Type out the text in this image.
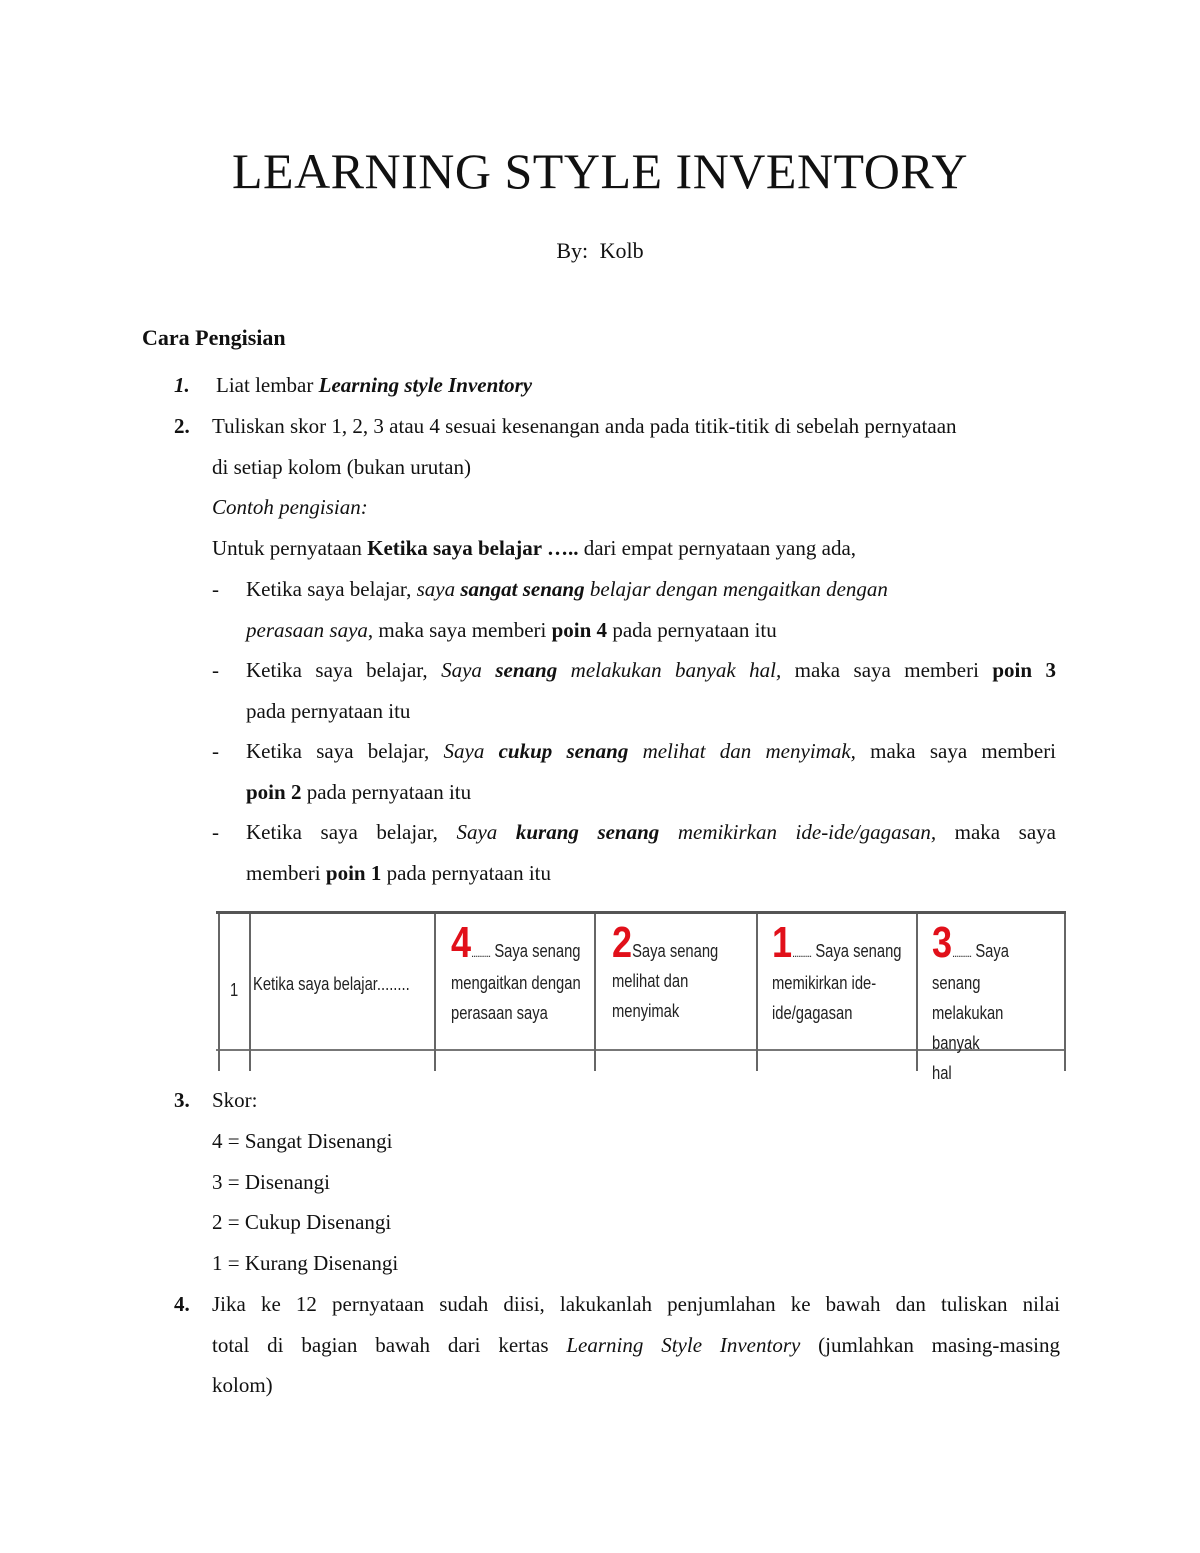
LEARNING STYLE INVENTORY
By: Kolb
Cara Pengisian
1. Liat lembar Learning style Inventory
2. Tuliskan skor 1, 2, 3 atau 4 sesuai kesenangan anda pada titik-titik di sebelah pernyataan
di setiap kolom (bukan urutan)
Contoh pengisian:
Untuk pernyataan Ketika saya belajar ….. dari empat pernyataan yang ada,
- Ketika saya belajar, saya sangat senang belajar dengan mengaitkan dengan
perasaan saya, maka saya memberi poin 4 pada pernyataan itu
- Ketika saya belajar, Saya senang melakukan banyak hal, maka saya memberi poin 3
pada pernyataan itu
- Ketika saya belajar, Saya cukup senang melihat dan menyimak, maka saya memberi
poin 2 pada pernyataan itu
- Ketika saya belajar, Saya kurang senang memikirkan ide-ide/gagasan, maka saya
memberi poin 1 pada pernyataan itu
1 Ketika saya belajar........
4.......... Saya senang
mengaitkan dengan
perasaan saya
2Saya senang
melihat dan
menyimak
1.......... Saya senang
memikirkan ide-
ide/gagasan
3.......... Saya senang
melakukan banyak
hal
3. Skor:
4 = Sangat Disenangi
3 = Disenangi
2 = Cukup Disenangi
1 = Kurang Disenangi
4. Jika ke 12 pernyataan sudah diisi, lakukanlah penjumlahan ke bawah dan tuliskan nilai
total di bagian bawah dari kertas Learning Style Inventory (jumlahkan masing-masing
kolom)
